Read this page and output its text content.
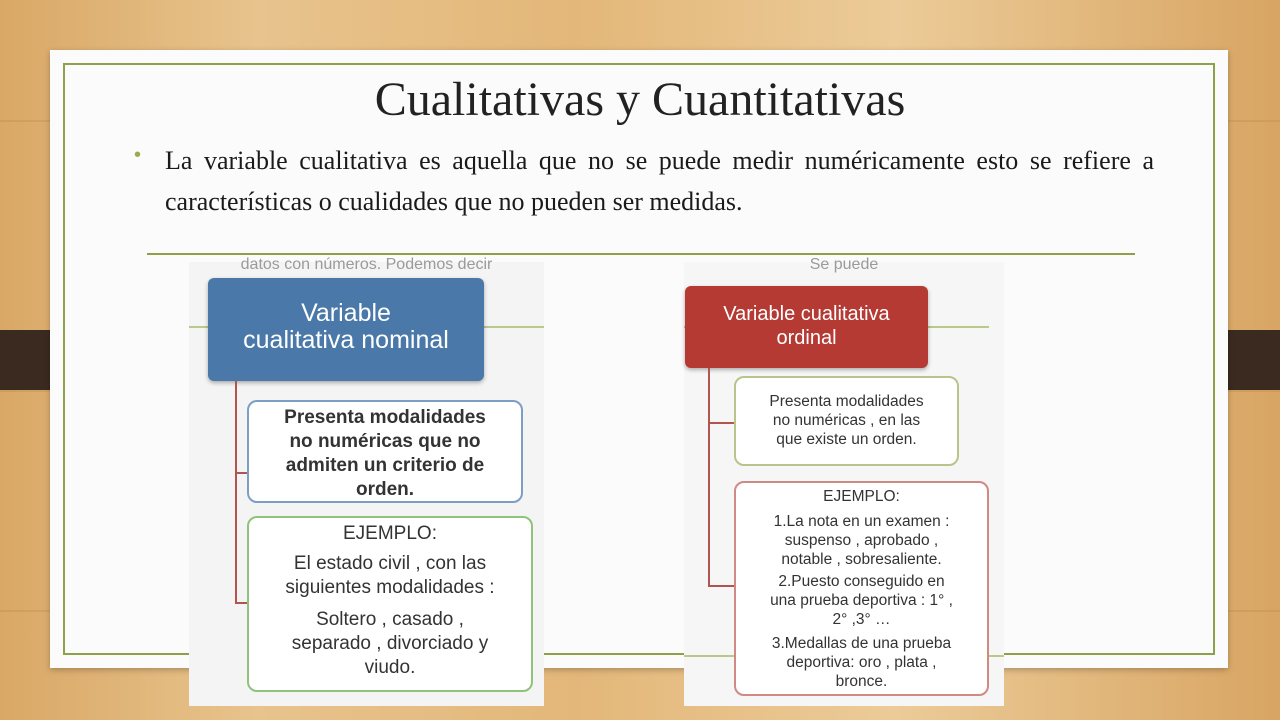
Cualitativas y Cuantitativas
• La variable cualitativa es aquella que no se puede medir numéricamente esto se refiere a características o cualidades que no pueden ser medidas.

datos con números. Podemos decir
Variable
cualitativa nominal
Presenta modalidades
no numéricas que no
admiten un criterio de
orden.
EJEMPLO:
El estado civil , con las
siguientes modalidades :
Soltero , casado ,
separado , divorciado y
viudo.
Se puede
Variable cualitativa
ordinal
Presenta modalidades
no numéricas , en las
que existe un orden.
EJEMPLO:
1.La nota en un examen :
suspenso , aprobado ,
notable , sobresaliente.
2.Puesto conseguido en
una prueba deportiva : 1° ,
2° ,3° …
3.Medallas de una prueba
deportiva: oro , plata ,
bronce.
